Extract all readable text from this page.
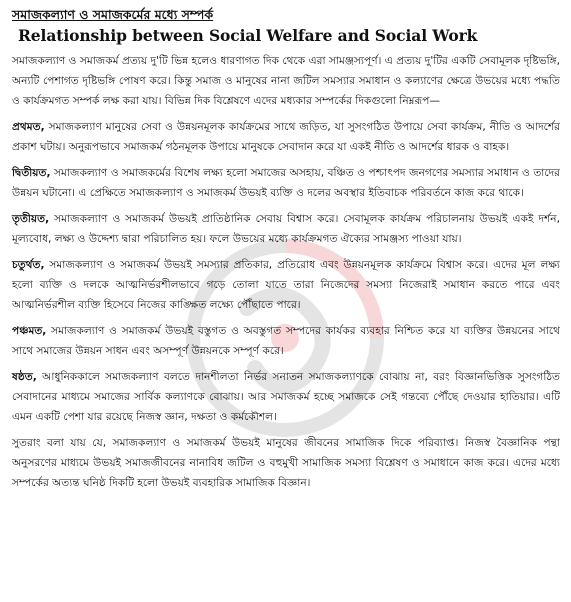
সমাজকল্যাণ ও সমাজকর্মের মধ্যে সম্পর্ক
Relationship between Social Welfare and Social Work

সমাজকল্যাণ ও সমাজকর্ম প্রত্যয় দু'টি ভিন্ন হলেও ধারণাগত দিক থেকে এরা সামঞ্জস্যপূর্ণ। এ প্রত্যয় দু'টির একটি সেবামূলক দৃষ্টিভঙ্গি, অন্যটি পেশাগত দৃষ্টিভঙ্গি পোষণ করে। কিন্তু সমাজ ও মানুষের নানা জটিল সমস্যার সমাধান ও কল্যাণের ক্ষেত্রে উভয়ের মধ্যে পদ্ধতি ও কার্যক্রমগত সম্পর্ক লক্ষ করা যায়। বিভিন্ন দিক বিশ্লেষণে এদের মধ্যকার সম্পর্কের দিকগুলো নিম্নরূপ—

প্রথমত, সমাজকল্যাণ মানুষের সেবা ও উন্নয়নমূলক কার্যক্রমের সাথে জড়িত, যা সুসংগঠিত উপায়ে সেবা কার্যক্রম, নীতি ও আদর্শের প্রকাশ ঘটায়। অনুরূপভাবে সমাজকর্ম গঠনমূলক উপায়ে মানুষকে সেবাদান করে যা একই নীতি ও আদর্শের ধারক ও বাহক।

দ্বিতীয়ত, সমাজকল্যাণ ও সমাজকর্মের বিশেষ লক্ষ্য হলো সমাজের অসহায়, বঞ্চিত ও পশ্চাৎপদ জনগণের সমস্যার সমাধান ও তাদের উন্নয়ন ঘটানো। এ প্রেক্ষিতে সমাজকল্যাণ ও সমাজকর্ম উভয়ই ব্যক্তি ও দলের অবস্থার ইতিবাচক পরিবর্তনে কাজ করে থাকে।

তৃতীয়ত, সমাজকল্যাণ ও সমাজকর্ম উভয়ই প্রাতিষ্ঠানিক সেবায় বিশ্বাস করে। সেবামূলক কার্যক্রম পরিচালনায় উভয়ই একই দর্শন, মূল্যবোধ, লক্ষ্য ও উদ্দেশ্য দ্বারা পরিচালিত হয়। ফলে উভয়ের মধ্যে কার্যক্রমগত ঐক্যের সামঞ্জস্য পাওয়া যায়।

চতুর্থত, সমাজকল্যাণ ও সমাজকর্ম উভয়ই সমস্যার প্রতিকার, প্রতিরোধ এবং উন্নয়নমূলক কার্যক্রমে বিশ্বাস করে। এদের মূল লক্ষ্য হলো ব্যক্তি ও দলকে আত্মনির্ভরশীলভাবে গড়ে তোলা যাতে তারা নিজেদের সমস্যা নিজেরাই সমাধান করতে পারে এবং আত্মনির্ভরশীল ব্যক্তি হিসেবে নিজের কাঙ্ক্ষিত লক্ষ্যে পৌঁছাতে পারে।

পঞ্চমত, সমাজকল্যাণ ও সমাজকর্ম উভয়ই বস্তুগত ও অবস্তুগত সম্পদের কার্যকর ব্যবহার নিশ্চিত করে যা ব্যক্তির উন্নয়নের সাথে সাথে সমাজের উন্নয়ন সাধন এবং অসম্পূর্ণ উন্নয়নকে সম্পূর্ণ করে।

ষষ্ঠত, আধুনিককালে সমাজকল্যাণ বলতে দানশীলতা নির্ভর সনাতন সমাজকল্যাণকে বোঝায় না, বরং বিজ্ঞানভিত্তিক সুসংগঠিত সেবাদানের মাধ্যমে সমাজের সার্বিক কল্যাণকে বোঝায়। আর সমাজকর্ম হচ্ছে সমাজকে সেই গন্তব্যে পৌঁছে দেওয়ার হাতিয়ার। এটি এমন একটি পেশা যার রয়েছে নিজস্ব জ্ঞান, দক্ষতা ও কর্মকৌশল।

সুতরাং বলা যায় যে, সমাজকল্যাণ ও সমাজকর্ম উভয়ই মানুষের জীবনের সামাজিক দিকে পরিব্যাপ্ত। নিজস্ব বৈজ্ঞানিক পন্থা অনুসরণের মাধ্যমে উভয়ই সমাজজীবনের নানাবিধ জটিল ও বহুমুখী সামাজিক সমস্যা বিশ্লেষণ ও সমাধানে কাজ করে। এদের মধ্যে সম্পর্কের অত্যন্ত ঘনিষ্ঠ দিকটি হলো উভয়ই ব্যবহারিক সামাজিক বিজ্ঞান।
